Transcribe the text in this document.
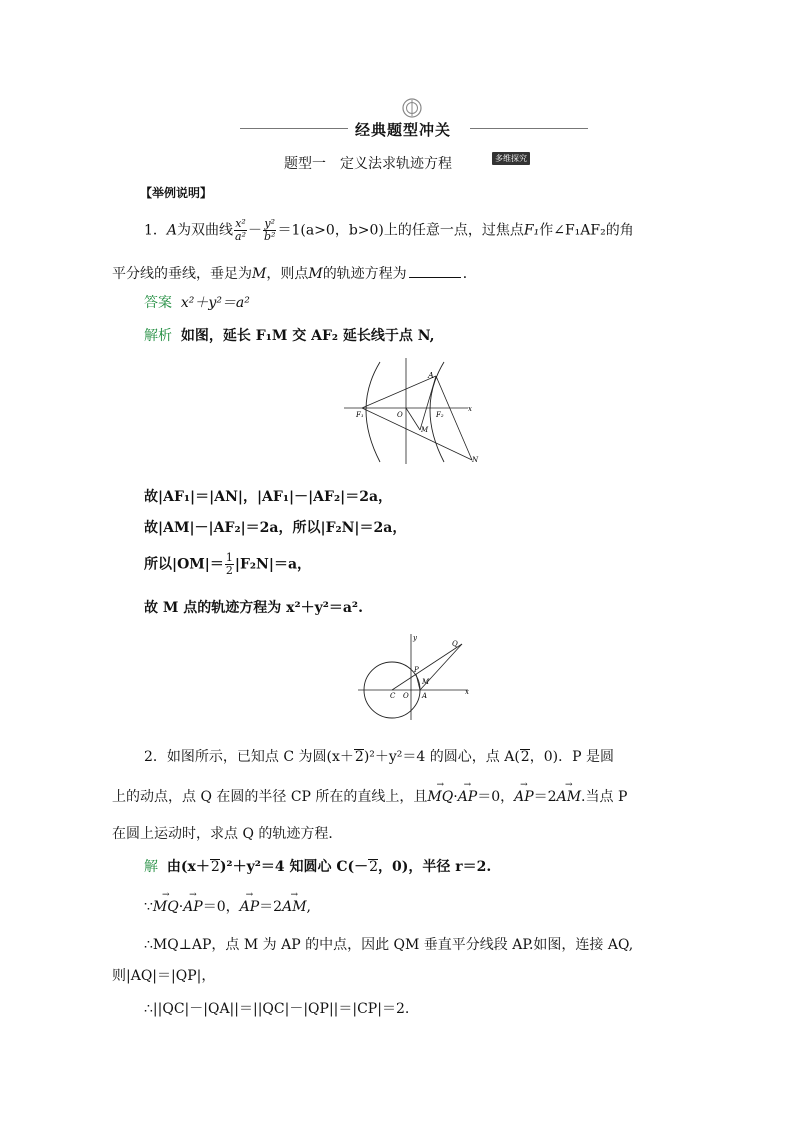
经典题型冲关
题型一　定义法求轨迹方程	多维探究
【举例说明】
1．A为双曲线 $\frac{\text{x²}}{\text{a²}} - \frac{\text{y²}}{\text{b²}} =1(a>0$，b>0)上的任意一点，过焦点F₁作∠F₁AF₂的角
平分线的垂线，垂足为M，则点M的轨迹方程为	．
答案 x²＋y²＝a²
解析 如图，延长 F₁M 交 AF₂ 延长线于点 N,
A
F₁	O	F₂
x
M
N
故|AF₁|＝|AN|，|AF₁|－|AF₂|＝2a，
故|AM|－|AF₂|＝2a，所以|F₂N|＝2a，
所以$|OM|= \frac{1}{2} |F_2N|=a$，
故 M 点的轨迹方程为 x²＋y²＝a².
y
Q
P
M
C O A	x
2．如图所示，已知点 C 为圆(x＋2)²＋y²＝4 的圆心，点 A(2，0)．P 是圆
上的动点，点 Q 在圆的半径 CP 所在的直线上，且→ MQ·→ AP＝0，→ AP＝2→ AM.当点 P
在圆上运动时，求点 Q 的轨迹方程．
解 由(x＋2)²＋y²＝4 知圆心 C(－2，0)，半径 r＝2.
∵→ MQ·→ AP＝0，→ AP＝2→ AM,
∴MQ⊥AP，点 M 为 AP 的中点，因此 QM 垂直平分线段 AP.如图，连接 AQ,
则|AQ|＝|QP|，
∴||QC|－|QA||＝||QC|－|QP||＝|CP|＝2.
